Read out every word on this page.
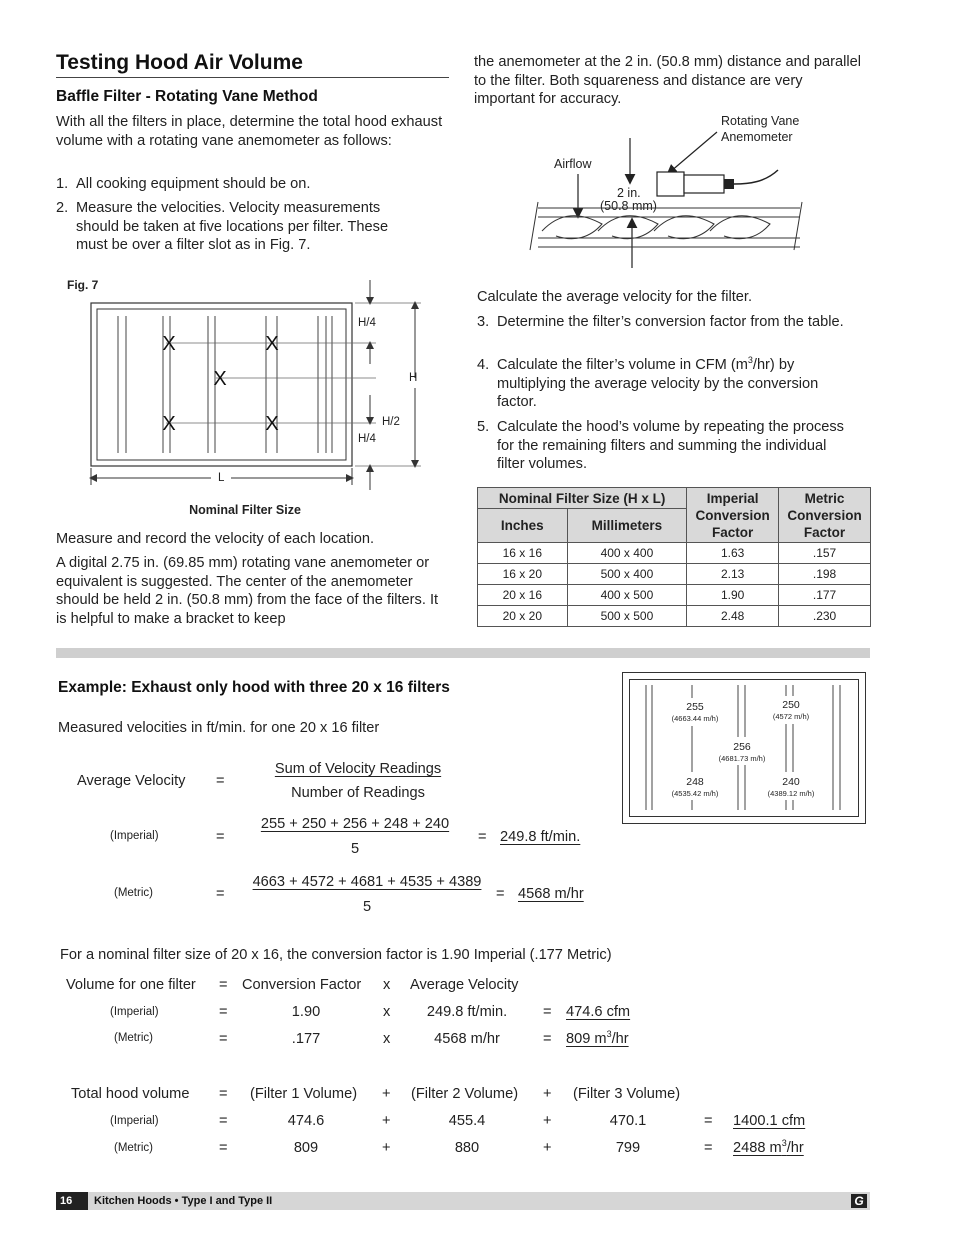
Testing Hood Air Volume
Baffle Filter - Rotating Vane Method

With all the filters in place, determine the total hood exhaust volume with a rotating vane anemometer as follows:

1. All cooking equipment should be on.

2. Measure the velocities. Velocity measurements should be taken at five locations per filter. These must be over a filter slot as in Fig. 7.

Fig. 7
X	X
X
X	X
H/4
H
H/2
H/4
L
Nominal Filter Size

Measure and record the velocity of each location.

A digital 2.75 in. (69.85 mm) rotating vane anemometer or equivalent is suggested. The center of the anemometer should be held 2 in. (50.8 mm) from the face of the filters. It is helpful to make a bracket to keep

the anemometer at the 2 in. (50.8 mm) distance and parallel to the filter. Both squareness and distance are very important for accuracy.

Rotating Vane
Anemometer
Airflow
2 in.
(50.8 mm)

Calculate the average velocity for the filter.

3. Determine the filter’s conversion factor from the table.

4. Calculate the filter’s volume in CFM $(m^3/hr)$ by multiplying the average velocity by the conversion factor.

5. Calculate the hood’s volume by repeating the process for the remaining filters and summing the individual filter volumes.

Nominal Filter Size (H x L)		Imperial Conversion Factor	Metric Conversion Factor
Inches	Millimeters		
16 x 16	400 x 400	1.63	.157
16 x 20	500 x 400	2.13	.198
20 x 16	400 x 500	1.90	.177
20 x 20	500 x 500	2.48	.230
Example: Exhaust only hood with three 20 x 16 filters
Measured velocities in ft/min. for one 20 x 16 filter
255
(4663.44 m/h)
250
(4572 m/h)
256
(4681.73 m/h)
248
(4535.42 m/h)
240
(4389.12 m/h)
Average Velocity =
Sum of Velocity Readings
Number of Readings
(Imperial)	=
255 + 250 + 256 + 248 + 240
5
= 249.8 ft/min.
(Metric)	=
4663 + 4572 + 4681 + 4535 + 4389
5
= 4568 m/hr
For a nominal filter size of 20 x 16, the conversion factor is 1.90 Imperial (.177 Metric)
Volume for one filter = Conversion Factor x Average Velocity
(Imperial)	=	1.90	x	249.8 ft/min. = 474.6 cfm
(Metric)	=	.177	x	4568 m/hr	= 809 $m^3/hr$
Total hood volume = (Filter 1 Volume) + (Filter 2 Volume) + (Filter 3 Volume)
(Imperial)	=	474.6	+	455.4	+	470.1	= 1400.1 cfm
(Metric)	=	809	+	880	+	799	= 2488 $m^3/hr$
16	Kitchen Hoods • Type I and Type II	G
